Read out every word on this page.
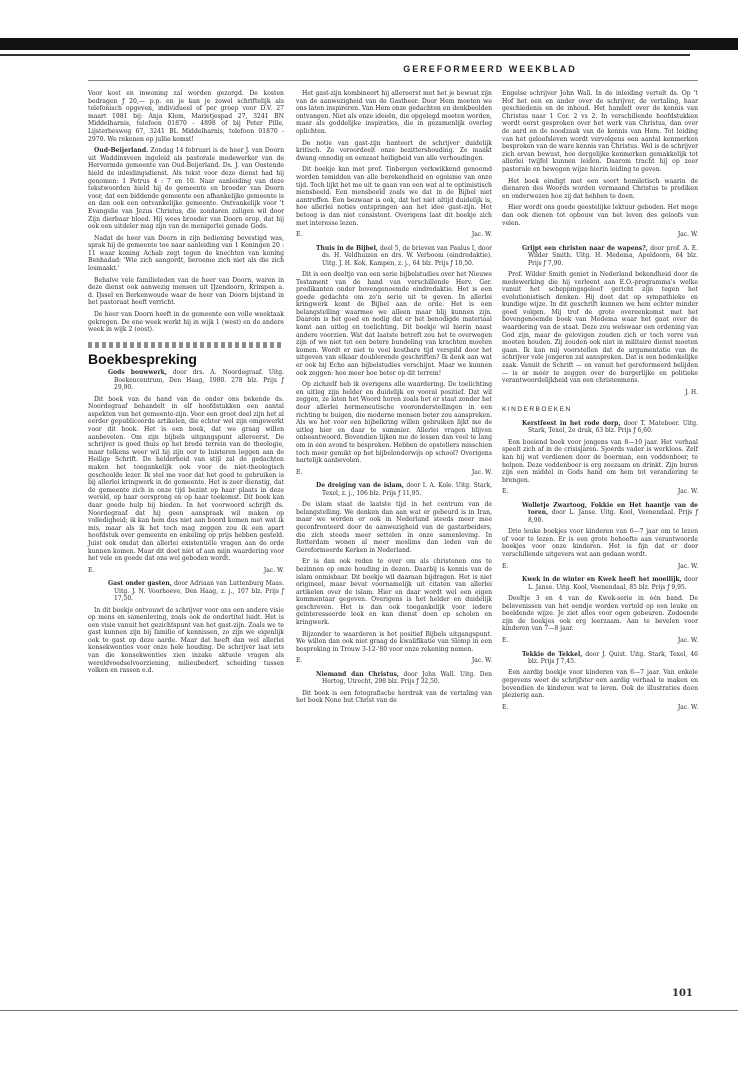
GEREFORMEERD WEEKBLAD

Voor kost en inwoning zal worden gezorgd. De kosten bedragen ƒ 20,— p.p. en je kan je zowel schriftelijk als telefonisch opgeven, individueel of per groep voor D.V. 27 maart 1981 bij: Anja Klem, Marietjespad 27, 3241 BN Middelharnis, telefoon 01870 - 4898 of bij Peter Pille, Lijsterbesweg 67, 3241 BL Middelharnis, telefoon 01870 - 2970. We rekenen op jullie komst!

Oud-Beijerland. Zondag 14 februari is de heer J. van Doorn uit Waddinxveen ingeleid als pastorale medewerker van de Hervormde gemeente van Oud-Beijerland. Ds. J. van Oostende hield de inleidingsdienst. Als tekst voor deze dienst had hij genomen: 1 Petrus 4 : 7 en 10. Naar aanleiding van deze tekstwoorden hield hij de gemeente en broeder van Doorn voor, dat een biddende gemeente een afhankelijke gemeente is en dan ook een ontvankelijke gemeente. Ontvankelijk voor 't Evangelie van Jezus Christus, die zondaren zaligen wil door Zijn dierbaar bloed. Hij wees broeder van Doorn erop, dat hij ook een uitdeler mag zijn van de menigerlei genade Gods.

Nadat de heer van Doorn in zijn bediening bevestigd was, sprak hij de gemeente toe naar aanleiding van 1 Koningen 20 : 11 waar koning Achab zegt tegen de knechten van koning Benhadad: 'Wie zich aangordt, beroeme zich niet als die zich losmaakt.'

Behalve vele familieleden van de heer van Doorn, waren in deze dienst ook aanwezig mensen uit IJzendoorn, Krimpen a. d. IJssel en Berkenwoude waar de heer van Doorn bijstand in het pastoraat heeft verricht.

De heer van Doorn heeft in de gemeente een volle weektaak gekregen. De ene week werkt hij in wijk 1 (west) en de andere week in wijk 2 (oost).

Boekbespreking
Gods bouwwerk, door drs. A. Noordegraaf. Uitg. Boekencentrum, Den Haag, 1980. 278 blz. Prijs ƒ 29,90.

Dit boek van de hand van de onder ons bekende ds. Noordegraaf behandelt in elf hoofdstukken een aantal aspekten van het gemeente-zijn. Voor een groot deel zijn het al eerder gepubliceerde artikelen, die echter wel zijn omgewerkt voor dit boek. Het is een boek, dat we graag willen aanbevelen. Om zijn bijbels uitgangspunt allereerst. De schrijver is goed thuis op het brede terrein van de theologie, maar telkens weer wil hij zijn oor te luisteren leggen aan de Heilige Schrift. De helderheid van stijl zal de gedachten maken het toegankelijk ook voor de niet-theologisch geschoolde lezer. Ik stel me voor dat het goed te gebruiken is bij allerlei kringwerk in de gemeente. Het is zeer dienstig, dat de gemeente zich in onze tijd bezint op haar plaats in deze wereld, op haar oorsprong en op haar toekomst. Dit boek kan daar goede hulp bij bieden. In het voorwoord schrijft ds. Noordegraaf dat hij geen aanspraak wil maken op volledigheid; ik kan hem dus niet aan boord komen met wat ik mis, maar als ik het toch mag zeggen zou ik een apart hoofdstuk over gemeente en enkeling op prijs hebben gesteld. Juist ook omdat dan allerlei existentiële vragen aan de orde kunnen komen. Maar dit doet niet af aan mijn waardering voor het vele en goede dat ons wel geboden wordt.

E.	Jac. W.
Gast onder gasten, door Adriaan van Luttenburg Maas. Uitg. J. N. Voorhoeve, Den Haag, z. j., 107 blz. Prijs ƒ 17,50.

In dit boekje ontvouwt de schrijver voor ons een andere visie op mens en samenleving, zoals ook de ondertitel luidt. Het is een visie vanuit het gezichtspunt van het gast-zijn. Zoals we te gast kunnen zijn bij familie of kennissen, zo zijn we eigenlijk ook te gast op deze aarde. Maar dat heeft dan wel allerlei konsekwenties voor onze hele houding. De schrijver laat iets van die konsekwenties zien inzake aktuele vragen als wereldvoedselvoorziening, milieubederf, scheiding tussen volken en rassen e.d.

Het gast-zijn kombineert hij allereerst met het je bewust zijn van de aanwezigheid van de Gastheer. Door Hem moeten we ons laten inspireren. Van Hem onze gedachten en denkbeelden ontvangen. Niet als onze ideeën, die opgelegd moeten worden, maar als goddelijke inspiraties, die in gezamenlijk overleg oplichten.

De notie van gast-zijn hanteert de schrijver duidelijk kritisch. Ze veroordeelt onze bezittershouding. Ze maakt dwang onnodig en eenzaat heiligheid van alle verhoudingen.

Dit boekje kan met prof. Tinbergen verkwikkend genoemd worden temidden van alle berekendheid en egoïsme van onze tijd. Toch lijkt het me uit te gaan van een wat al te optimistisch mensbeeld. Een mensbeeld zoals we dat in de Bijbel niet aantreffen. Een bezwaar is ook, dat het niet altijd duidelijk is, hoe allerlei noties ontspringen aan het idee gast-zijn. Het betoog is dan niet consistent. Overigens laat dit boekje zich met interesse lezen.

E.	Jac. W.
Thuis in de Bijbel, deel 5, de brieven van Paulus I, door ds. H. Veldhuizen en drs. W. Verboom (eindredaktie). Uitg. J. H. Kok, Kampen, z. j., 64 blz. Prijs ƒ 10,50.

Dit is een deeltje van een serie bijbelstudies over het Nieuwe Testament van de hand van verschillende Herv. Ger. predikanten onder bovengenoemde eindredaktie. Het is een goede gedachte om zo'n serie uit te geven. In allerlei kringwerk komt de Bijbel aan de orde. Het is een belangstelling waarmee we alleen maar blij kunnen zijn. Daarom is het goed en nodig dat er het benodigde materiaal komt aan uitleg en toelichting. Dit boekje wil hierin naast andere voorzien. Wat dat laatste betreft zou het te overwegen zijn of we niet tot een betere bundeling van krachten moeten komen. Wordt er niet te veel kostbare tijd verspild door het uitgeven van elkaar doublerende geschriften? Ik denk aan wat er ook bij Echo aan bijbelstudies verschijnt. Maar we kunnen ook zeggen: hoe meer hoe beter op dit terrein!

Op zichzelf heb ik overigens alle waardering. De toelichting en uitleg zijn helder en duidelijk en vooral positief. Dat wil zeggen, ze laten het Woord horen zoals het er staat zonder het door allerlei hermeneutische vooronderstellingen in een richting te buigen, die moderne mensen beter zou aanspreken. Als we het voor een bijbelkring willen gebruiken lijkt me de uitleg hier en daar te summier. Allerlei vragen blijven onbeantwoord. Bovendien lijken me de lessen dan veel te lang om in één avond te bespreken. Hebben de opstellers misschien toch meer gemikt op het bijbelonderwijs op school? Overigens hartelijk aanbevolen.

E.	Jac. W.
De dreiging van de islam, door I. A. Kole. Uitg. Stark, Texel, z. j., 106 blz. Prijs ƒ 11,95.

De islam staat de laatste tijd in het centrum van de belangstelling. We denken dan aan wat er gebeurd is in Iran, maar we worden er ook in Nederland steeds meer mee geconfronteerd door de aanwezigheid van de gastarbeiders, die zich steeds meer settelen in onze samenleving. In Rotterdam wonen al meer moslims dan leden van de Gereformeerde Kerken in Nederland.

Er is dan ook reden te over om als christenen ons te bezinnen op onze houding in dezen. Daarbij is kennis van de islam onmisbaar. Dit boekje wil daaraan bijdragen. Het is niet origineel, maar bevat voornamelijk uit citaten van allerlei artikelen over de islam. Hier en daar wordt wel een eigen kommentaar gegeven. Overigens is het helder en duidelijk geschreven. Het is dan ook toegankelijk voor iedere geïnteresseerde leek en kan dienst doen op scholen en kringwerk.

Bijzonder te waarderen is het positief Bijbels uitgangspunt. We willen dan ook niet graag de kwalifikatie van Slomp in een bespreking in Trouw 3-12-'80 voor onze rekening nemen.

E.	Jac. W.
Niemand dan Christus, door John Wall. Uitg. Den Hertog, Utrecht, 298 blz. Prijs ƒ 32,50.

Dit boek is een fotografische herdruk van de vertaling van het boek None but Christ van de

Engelse schrijver John Wall. In de inleiding vertelt ds. Op 't Hof het een en ander over de schrijver, de vertaling, haar geschiedenis en de inhoud. Het handelt over de kennis van Christus naar 1 Cor. 2 vs 2. In verschillende hoofdstukken wordt eerst gesproken over het werk van Christus, dan over de aard en de noodzaak van de kennis van Hem. Tot leiding van het geloofsleven wordt vervolgens een aantal kenmerken besproken van de ware kennis van Christus. Wel is de schrijver zich ervan bewust, hoe dergelijke kenmerken gemakkelijk tot allerlei twijfel kunnen leiden. Daarom tracht hij op zeer pastorale en bewogen wijze hierin leiding te geven.

Het boek eindigt met een soort homiletisch waarin de dienaren des Woords worden vermaand Christus te prediken en onderwezen hoe zij dat hebben te doen.

Hier wordt ons goede geestelijke lektuur geboden. Het moge dan ook dienen tot opbouw van het leven des geloofs van velen.

Jac. W.
Grijpt een christen naar de wapens?, door prof. A. E. Wilder Smith. Uitg. H. Medema, Apeldoorn, 64 blz. Prijs ƒ 7,90.

Prof. Wilder Smith geniet in Nederland bekendheid door de medewerking die hij verleent aan E.O.-programma's welke vanuit het scheppingsgeloof gericht zijn tegen het evolutionistisch denken. Hij doet dat op sympathieke en kundige wijze. In dit geschrift kunnen we hem echter minder goed volgen. Mij trof de grote overeenkomst met het bovengenoemde boek van Medema waar het gaat over de waardering van de staat. Deze zou welswaar een ordening van God zijn, maar de gelovigen zouden zich er toch verre van moeten houden. Zij zouden ook niet in militaire dienst moeten gaan. Ik kan mij voorstellen dat de argumentatie van de schrijver vele jongeren zal aanspreken. Dat is een bedenkelijke zaak. Vanuit de Schrift — en vanuit het gereformeerd belijden — is er méér te zeggen over de burgerlijke en politieke verantwoordelijkheid van een christenmens.

J. H.
KINDERBOEKEN
Kerstfeest in het rode dorp, door T. Mateboer. Uitg. Stark, Texel, 2e druk, 63 blz. Prijs ƒ 6,60.

Een boeiend boek voor jongens van 8—10 jaar. Het verhaal speelt zich af in de crisisjaren. Sjoerds vader is werkloos. Zelf kan hij wat verdienen door de boerman, een voddenboer, te helpen. Deze voddenboer is erg zeezaam en drinkt. Zijn buren zijn een middel in Gods hand om hem tot verandering te brengen.

E.	Jac. W.
Wolletje Zwartoog, Fokkie en Het haantje van de toren, door L. Janse. Uitg. Kool, Veenendaal. Prijs ƒ 8,90.

Drie leuke boekjes voor kinderen van 6—7 jaar om te lezen of voor te lezen. Er is een grote behoefte aan verantwoorde boekjes voor onze kinderen. Het is fijn dat er door verschillende uitgevers wat aan gedaan wordt.

E.	Jac. W.
Kwek in de winter en Kwek heeft het moeilijk, door L. Janse. Uitg. Kool, Veenendaal, 85 blz. Prijs ƒ 9,95.

Deeltje 3 en 4 van de Kwek-serie in één band. De belevenissen van het eendje worden verteld op een leuke en beeldende wijze. Je ziet alles voor ogen gebeuren. Zodoende zijn de boekjes ook erg leerzaam. Aan te bevelen voor kinderen van 7—8 jaar.

E.	Jac. W.
Tekkie de Tekkel, door J. Quist. Uitg. Stark, Texel, 46 blz. Prijs ƒ 7,45.

Een aardig boekje voor kinderen van 6—7 jaar. Van enkele gegevens weet de schrijfster een aardig verhaal te maken en bovendien de kinderen wat te leren. Ook de illustraties doen plezierig aan.

E.	Jac. W.
101
